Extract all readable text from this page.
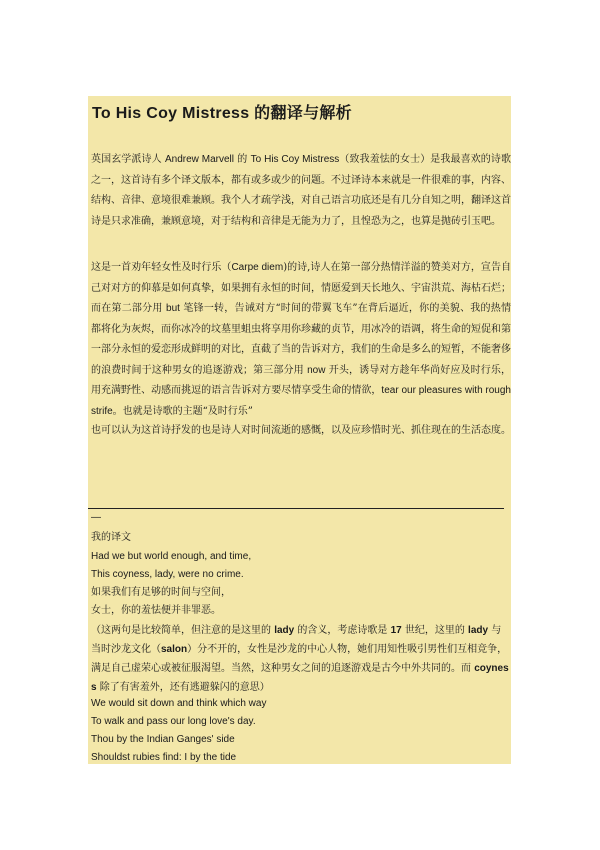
To His Coy Mistress 的翻译与解析

英国玄学派诗人 Andrew Marvell 的 To His Coy Mistress（致我羞怯的女士）是我最喜欢的诗歌之一，这首诗有多个译文版本，都有或多或少的问题。不过译诗本来就是一件很难的事，内容、结构、音律、意境很难兼顾。我个人才疏学浅，对自己语言功底还是有几分自知之明，翻译这首诗是只求准确，兼顾意境，对于结构和音律是无能为力了，且惶恐为之，也算是抛砖引玉吧。

这是一首劝年轻女性及时行乐（Carpe diem)的诗,诗人在第一部分热情洋溢的赞美对方，宣告自己对对方的仰慕是如何真挚，如果拥有永恒的时间，情愿爱到天长地久、宇宙洪荒、海枯石烂；而在第二部分用 but 笔锋一转，告诫对方“时间的带翼飞车”在背后逼近，你的美貌、我的热情都将化为灰烬，而你冰冷的坟墓里蛆虫将享用你珍藏的贞节，用冰冷的语调，将生命的短促和第一部分永恒的爱恋形成鲜明的对比，直截了当的告诉对方，我们的生命是多么的短暂，不能奢侈的浪费时间于这种男女的追逐游戏；第三部分用 now 开头，诱导对方趁年华尚好应及时行乐，用充满野性、动感而挑逗的语言告诉对方要尽情享受生命的情欲，tear our pleasures with rough strife。也就是诗歌的主题“及时行乐”

也可以认为这首诗抒发的也是诗人对时间流逝的感慨，以及应珍惜时光、抓住现在的生活态度。

—

我的译文

Had we but world enough, and time,

This coyness, lady, were no crime.

如果我们有足够的时间与空间，

女士，你的羞怯便并非罪恶。

（这两句是比较简单，但注意的是这里的 lady 的含义，考虑诗歌是 17 世纪，这里的 lady 与当时沙龙文化（salon）分不开的，女性是沙龙的中心人物，她们用知性吸引男性们互相竞争，满足自己虚荣心或被征服渴望。当然，这种男女之间的追逐游戏是古今中外共同的。而 coyness 除了有害羞外，还有逃避躲闪的意思）

We would sit down and think which way

To walk and pass our long love's day.

Thou by the Indian Ganges' side

Shouldst rubies find: I by the tide
